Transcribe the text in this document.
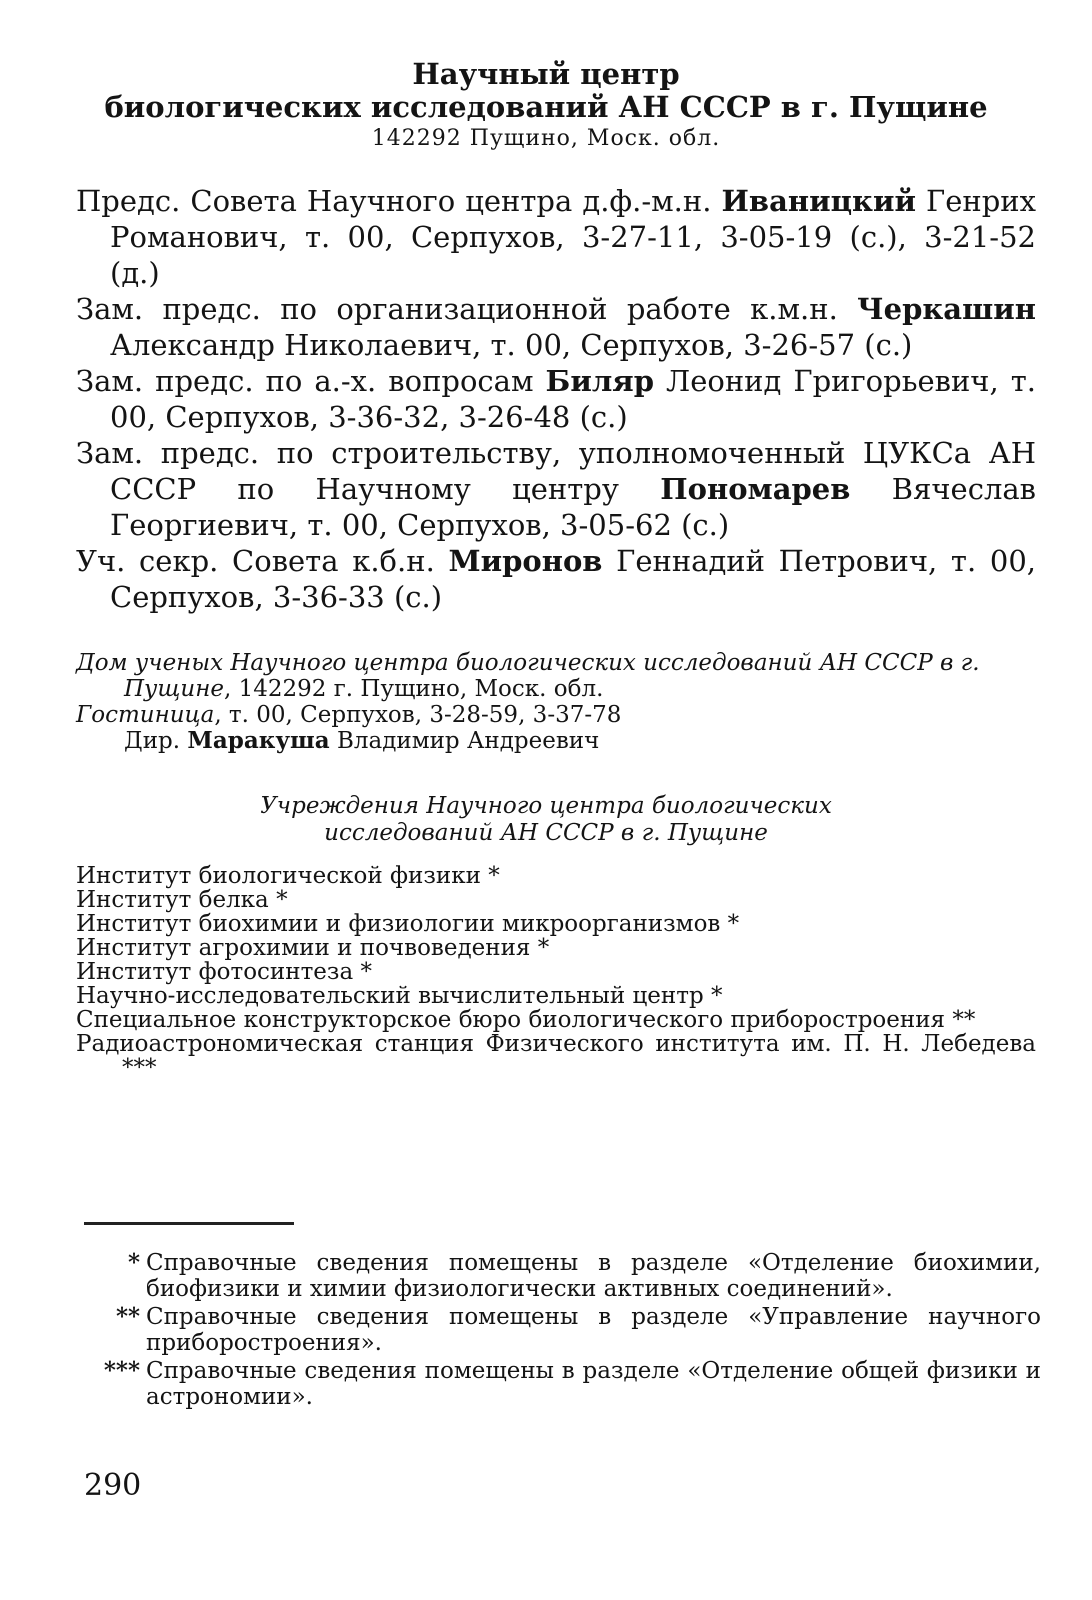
Научный центр
биологических исследований АН СССР в г. Пущине
142292 Пущино, Моск. обл.
Предс. Совета Научного центра д.ф.-м.н. Иваницкий Генрих Романович, т. 00, Серпухов, 3-27-11, 3-05-19 (с.), 3-21-52 (д.)
Зам. предс. по организационной работе к.м.н. Черкашин Александр Николаевич, т. 00, Серпухов, 3-26-57 (с.)
Зам. предс. по а.-х. вопросам Биляр Леонид Григорьевич, т. 00, Серпухов, 3-36-32, 3-26-48 (с.)
Зам. предс. по строительству, уполномоченный ЦУКСа АН СССР по Научному центру Пономарев Вячеслав Георгиевич, т. 00, Серпухов, 3-05-62 (с.)
Уч. секр. Совета к.б.н. Миронов Геннадий Петрович, т. 00, Серпухов, 3-36-33 (с.)
Дом ученых Научного центра биологических исследований АН СССР в г. Пущине, 142292 г. Пущино, Моск. обл.
Гостиница, т. 00, Серпухов, 3-28-59, 3-37-78
Дир. Маракуша Владимир Андреевич
Учреждения Научного центра биологических
исследований АН СССР в г. Пущине
Институт биологической физики *
Институт белка *
Институт биохимии и физиологии микроорганизмов *
Институт агрохимии и почвоведения *
Институт фотосинтеза *
Научно-исследовательский вычислительный центр *
Специальное конструкторское бюро биологического приборостроения **
Радиоастрономическая станция Физического института им. П. Н. Лебедева ***
* Справочные сведения помещены в разделе «Отделение биохимии, биофизики и химии физиологически активных соединений».
** Справочные сведения помещены в разделе «Управление научного приборостроения».
*** Справочные сведения помещены в разделе «Отделение общей физики и астрономии».
290
